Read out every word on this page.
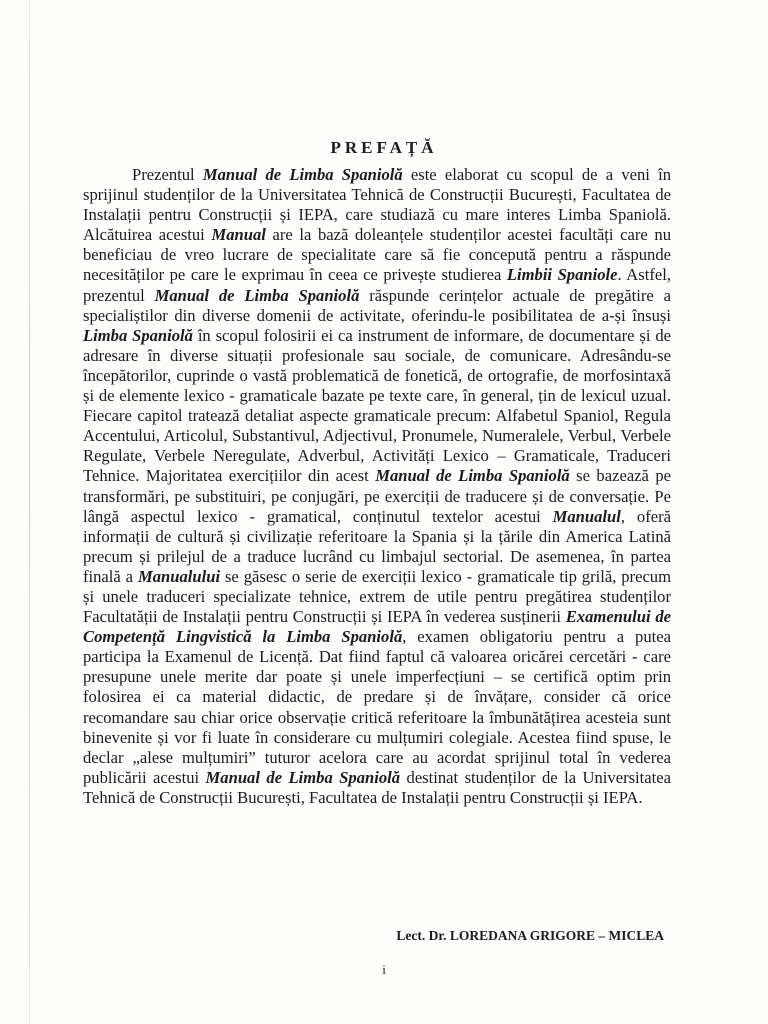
PREFAȚĂ

Prezentul Manual de Limba Spaniolă este elaborat cu scopul de a veni în sprijinul studenților de la Universitatea Tehnică de Construcții București, Facultatea de Instalații pentru Construcții și IEPA, care studiază cu mare interes Limba Spaniolă. Alcătuirea acestui Manual are la bază doleanțele studenților acestei facultăți care nu beneficiau de vreo lucrare de specialitate care să fie concepută pentru a răspunde necesităților pe care le exprimau în ceea ce privește studierea Limbii Spaniole. Astfel, prezentul Manual de Limba Spaniolă răspunde cerințelor actuale de pregătire a specialiștilor din diverse domenii de activitate, oferindu-le posibilitatea de a-și însuși Limba Spaniolă în scopul folosirii ei ca instrument de informare, de documentare și de adresare în diverse situații profesionale sau sociale, de comunicare. Adresându-se începătorilor, cuprinde o vastă problematică de fonetică, de ortografie, de morfosintaxă și de elemente lexico - gramaticale bazate pe texte care, în general, țin de lexicul uzual. Fiecare capitol tratează detaliat aspecte gramaticale precum: Alfabetul Spaniol, Regula Accentului, Articolul, Substantivul, Adjectivul, Pronumele, Numeralele, Verbul, Verbele Regulate, Verbele Neregulate, Adverbul, Activități Lexico – Gramaticale, Traduceri Tehnice. Majoritatea exercițiilor din acest Manual de Limba Spaniolă se bazează pe transformări, pe substituiri, pe conjugări, pe exerciții de traducere și de conversație. Pe lângă aspectul lexico - gramatical, conținutul textelor acestui Manualul, oferă informații de cultură și civilizație referitoare la Spania și la țările din America Latină precum și prilejul de a traduce lucrând cu limbajul sectorial. De asemenea, în partea finală a Manualului se găsesc o serie de exerciții lexico - gramaticale tip grilă, precum și unele traduceri specializate tehnice, extrem de utile pentru pregătirea studenților Facultatății de Instalații pentru Construcții și IEPA în vederea susținerii Examenului de Competență Lingvistică la Limba Spaniolă, examen obligatoriu pentru a putea participa la Examenul de Licență. Dat fiind faptul că valoarea oricărei cercetări - care presupune unele merite dar poate și unele imperfecțiuni – se certifică optim prin folosirea ei ca material didactic, de predare și de învățare, consider că orice recomandare sau chiar orice observație critică referitoare la îmbunătățirea acesteia sunt binevenite și vor fi luate în considerare cu mulțumiri colegiale. Acestea fiind spuse, le declar „alese mulțumiri” tuturor acelora care au acordat sprijinul total în vederea publicării acestui Manual de Limba Spaniolă destinat studenților de la Universitatea Tehnică de Construcții București, Facultatea de Instalații pentru Construcții și IEPA.

Lect. Dr. LOREDANA GRIGORE – MICLEA
i
